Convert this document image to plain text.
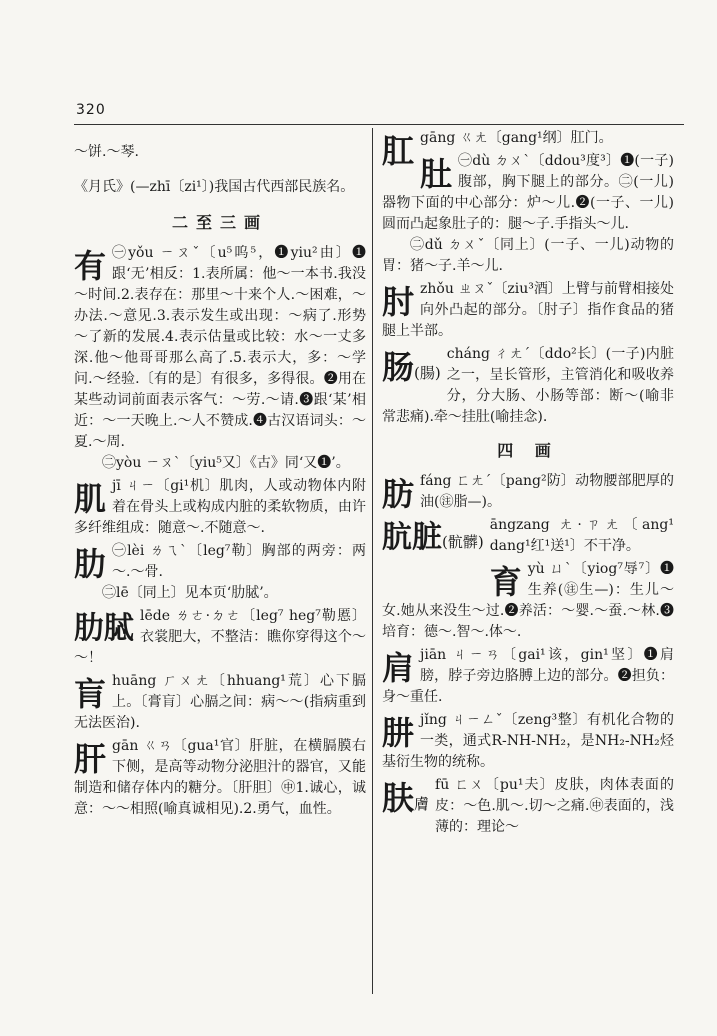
320

～饼.～琴.

《月氏》(—zhī〔zi¹〕)我国古代西部民族名。

二至三画
有 ㊀yǒu ㄧㄡˇ〔u⁵呜⁵，❶yiu²由〕❶跟‘无’相反：1.表所属：他～一本书.我没～时间.2.表存在：那里～十来个人.～困难，～办法.～意见.3.表示发生或出现：～病了.形势～了新的发展.4.表示估量或比较：水～一丈多深.他～他哥哥那么高了.5.表示大，多：～学问.～经验.〔有的是〕有很多，多得很。❷用在某些动词前面表示客气：～劳.～请.❸跟‘某’相近：～一天晚上.～人不赞成.❹古汉语词头：～夏.～周.

㊁yòu ㄧㄡˋ〔yiu⁵又〕《古》同‘又❶’。

肌 jī ㄐㄧ〔gi¹机〕肌肉，人或动物体内附着在骨头上或构成内脏的柔软物质，由许多纤维组成：随意～.不随意～.

肋 ㊀lèi ㄌㄟˋ〔leg⁷勒〕胸部的两旁：两～.～骨.

㊁lē〔同上〕见本页‘肋脦’。

肋脦 lēde ㄌㄜ·ㄉㄜ〔leg⁷ heg⁷勒慝〕衣裳肥大，不整洁：瞧你穿得这个～～！

肓 huāng ㄏㄨㄤ〔hhuang¹荒〕心下膈上。〔膏肓〕心膈之间：病～～(指病重到无法医治).

肝 gān ㄍㄢ〔gua¹官〕肝脏，在横膈膜右下侧，是高等动物分泌胆汁的器官，又能制造和储存体内的糖分。〔肝胆〕㊥1.诚心，诚意：～～相照(喻真诚相见).2.勇气，血性。

肛 gāng ㄍㄤ〔gang¹纲〕肛门。

肚 ㊀dù ㄉㄨˋ〔ddou³度³〕❶(一子)腹部，胸下腿上的部分。㊁(一儿)器物下面的中心部分：炉～儿.❷(一子、一儿)圆而凸起象肚子的：腿～子.手指头～儿.

㊁dǔ ㄉㄨˇ〔同上〕(一子、一儿)动物的胃：猪～子.羊～儿.

肘 zhǒu ㄓㄡˇ〔ziu³酒〕上臂与前臂相接处向外凸起的部分。〔肘子〕指作食品的猪腿上半部。

肠(腸)

cháng ㄔㄤˊ〔ddo²长〕(一子)内脏之一，呈长管形，主管消化和吸收养分，分大肠、小肠等部：断～(喻非常悲痛).牵～挂肚(喻挂念).

四 画
肪 fáng ㄈㄤˊ〔pang²防〕动物腰部肥厚的油(㊟脂—)。

肮脏(骯髒)

āngzang ㄤ·ㄗㄤ〔ang¹ dang¹红¹送¹〕不干净。

育 yù ㄩˋ〔yiog⁷辱⁷〕❶生养(㊟生—)：生儿～女.她从来没生～过.❷养活：～婴.～蚕.～林.❸培育：德～.智～.体～.

肩 jiān ㄐㄧㄢ〔gai¹该，gin¹坚〕❶肩膀，脖子旁边胳膊上边的部分。❷担负：身～重任.

肼 jǐng ㄐㄧㄥˇ〔zeng³整〕有机化合物的一类，通式R-NH-NH₂，是NH₂-NH₂烃基衍生物的统称。

肤膚

fū ㄈㄨ〔pu¹夫〕皮肤，肉体表面的皮：～色.肌～.切～之痛.㊥表面的，浅薄的：理论～
